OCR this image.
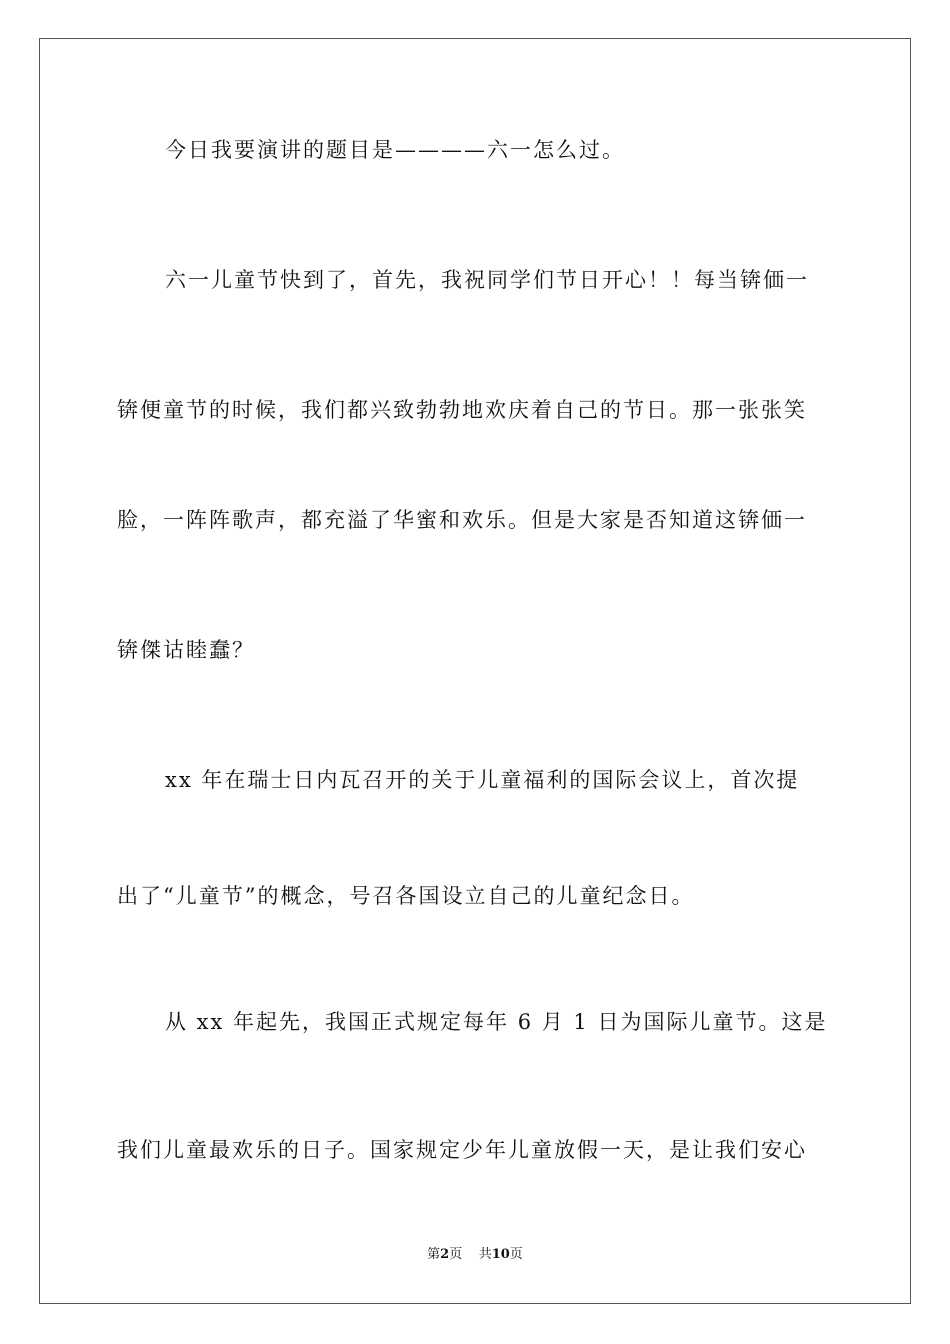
今日我要演讲的题目是————六一怎么过。
六一儿童节快到了，首先，我祝同学们节日开心！！每当锛価一
锛便童节的时候，我们都兴致勃勃地欢庆着自己的节日。那一张张笑
脸，一阵阵歌声，都充溢了华蜜和欢乐。但是大家是否知道这锛価一
锛傑诂睦蠢？
xx 年在瑞士日内瓦召开的关于儿童福利的国际会议上，首次提
出了“儿童节”的概念，号召各国设立自己的儿童纪念日。
从 xx 年起先，我国正式规定每年 6 月 1 日为国际儿童节。这是
我们儿童最欢乐的日子。国家规定少年儿童放假一天，是让我们安心
第2页 共10页
